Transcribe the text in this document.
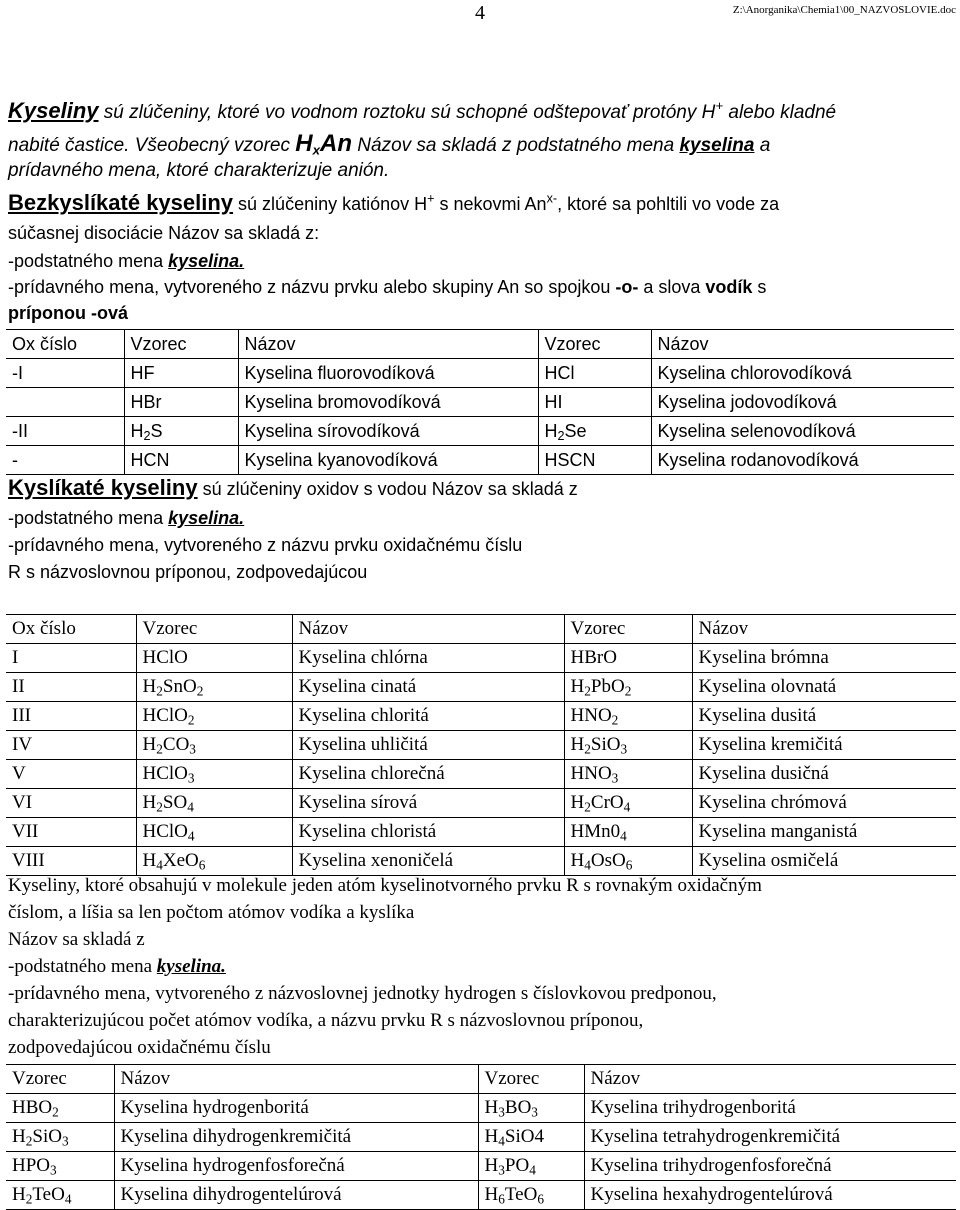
4	Z:\Anorganika\Chemia1\00_NAZVOSLOVIE.doc
Kyseliny sú zlúčeniny, ktoré vo vodnom roztoku sú schopné odštepovať protóny H+ alebo kladné
nabité častice. Všeobecný vzorec $H_xAn$ Názov sa skladá z podstatného mena kyselina a
prídavného mena, ktoré charakterizuje anión.
Bezkyslíkaté kyseliny sú zlúčeniny katiónov H+ s nekovmi $An^{x-}$, ktoré sa pohltili vo vode za
súčasnej disociácie Názov sa skladá z:
-podstatného mena kyselina.
-prídavného mena, vytvoreného z názvu prvku alebo skupiny An so spojkou -o- a slova vodík s
príponou -ová
Ox číslo	Vzorec	Názov	Vzorec	Názov
-I	HF	Kyselina fluorovodíková	HCl	Kyselina chlorovodíková
	HBr	Kyselina bromovodíková	HI	Kyselina jodovodíková
-II	$H_2S$	Kyselina sírovodíková	$H_2Se$	Kyselina selenovodíková
-	HCN	Kyselina kyanovodíková	HSCN	Kyselina rodanovodíková
Kyslíkaté kyseliny sú zlúčeniny oxidov s vodou Názov sa skladá z
-podstatného mena kyselina.
-prídavného mena, vytvoreného z názvu prvku oxidačnému číslu
R s názvoslovnou príponou, zodpovedajúcou
Ox číslo	Vzorec	Názov	Vzorec	Názov
I	HClO	Kyselina chlórna	HBrO	Kyselina brómna
II	$H_2SnO_2$	Kyselina cinatá	$H_2PbO_2$	Kyselina olovnatá
III	HClO$_2$	Kyselina chloritá	$HNO_2$	Kyselina dusitá
IV	$H_2CO_3$	Kyselina uhličitá	$H_2SiO_3$	Kyselina kremičitá
V	HClO$_3$	Kyselina chlorečná	$HNO_3$	Kyselina dusičná
VI	$H_2SO_4$	Kyselina sírová	$H_2CrO_4$	Kyselina chrómová
VII	HClO$_4$	Kyselina chloristá	$HMn0_4$	Kyselina manganistá
VIII	$H_4XeO_6$	Kyselina xenoničelá	$H_4OsO_6$	Kyselina osmičelá
Kyseliny, ktoré obsahujú v molekule jeden atóm kyselinotvorného prvku R s rovnakým oxidačným
číslom, a líšia sa len počtom atómov vodíka a kyslíka
Názov sa skladá z
-podstatného mena kyselina.
-prídavného mena, vytvoreného z názvoslovnej jednotky hydrogen s číslovkovou predponou,
charakterizujúcou počet atómov vodíka, a názvu prvku R s názvoslovnou príponou,
zodpovedajúcou oxidačnému číslu
Vzorec	Názov	Vzorec	Názov
$HBO_2$	Kyselina hydrogenboritá	$H_3BO_3$	Kyselina trihydrogenboritá
$H_2SiO_3$	Kyselina dihydrogenkremičitá	$H_4SiO4$	Kyselina tetrahydrogenkremičitá
$HPO_3$	Kyselina hydrogenfosforečná	$H_3PO_4$	Kyselina trihydrogenfosforečná
$H_2TeO_4$	Kyselina dihydrogentelúrová	$H_6TeO_6$	Kyselina hexahydrogentelúrová
